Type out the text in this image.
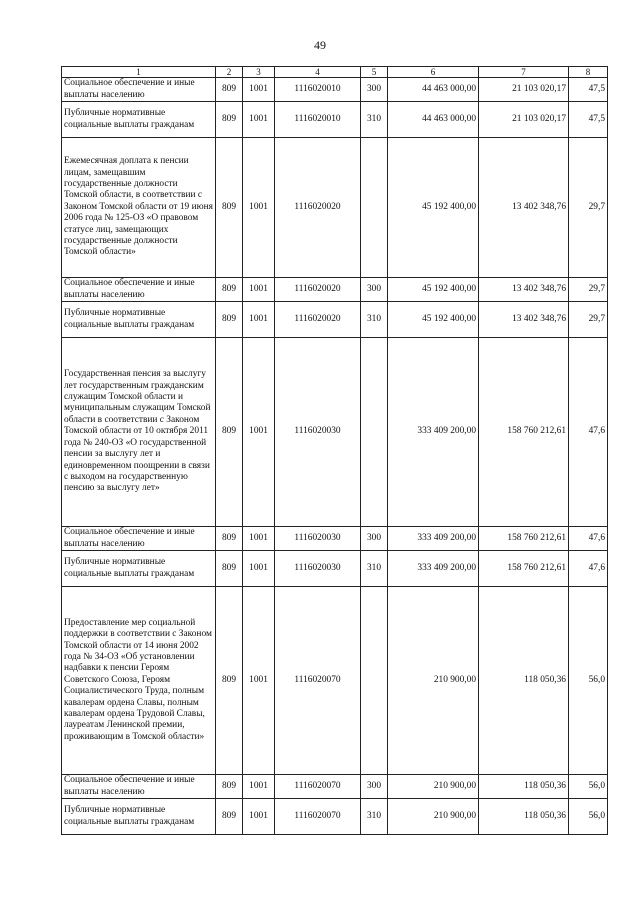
49
1	2	3	4	5	6	7	8
Социальное обеспечение и иные выплаты населению	809	1001	1116020010	300	44 463 000,00	21 103 020,17	47,5
Публичные нормативные социальные выплаты гражданам	809	1001	1116020010	310	44 463 000,00	21 103 020,17	47,5
Ежемесячная доплата к пенсии лицам, замещавшим государственные должности Томской области, в соответствии с Законом Томской области от 19 июня 2006 года № 125-ОЗ «О правовом статусе лиц, замещающих государственные должности Томской области»	809	1001	1116020020		45 192 400,00	13 402 348,76	29,7
Социальное обеспечение и иные выплаты населению	809	1001	1116020020	300	45 192 400,00	13 402 348,76	29,7
Публичные нормативные социальные выплаты гражданам	809	1001	1116020020	310	45 192 400,00	13 402 348,76	29,7
Государственная пенсия за выслугу лет государственным гражданским служащим Томской области и муниципальным служащим Томской области в соответствии с Законом Томской области от 10 октября 2011 года № 240-ОЗ «О государственной пенсии за выслугу лет и единовременном поощрении в связи с выходом на государственную пенсию за выслугу лет»	809	1001	1116020030		333 409 200,00	158 760 212,61	47,6
Социальное обеспечение и иные выплаты населению	809	1001	1116020030	300	333 409 200,00	158 760 212,61	47,6
Публичные нормативные социальные выплаты гражданам	809	1001	1116020030	310	333 409 200,00	158 760 212,61	47,6
Предоставление мер социальной поддержки в соответствии с Законом Томской области от 14 июня 2002 года № 34-ОЗ «Об установлении надбавки к пенсии Героям Советского Союза, Героям Социалистического Труда, полным кавалерам ордена Славы, полным кавалерам ордена Трудовой Славы, лауреатам Ленинской премии, проживающим в Томской области»	809	1001	1116020070		210 900,00	118 050,36	56,0
Социальное обеспечение и иные выплаты населению	809	1001	1116020070	300	210 900,00	118 050,36	56,0
Публичные нормативные социальные выплаты гражданам	809	1001	1116020070	310	210 900,00	118 050,36	56,0
